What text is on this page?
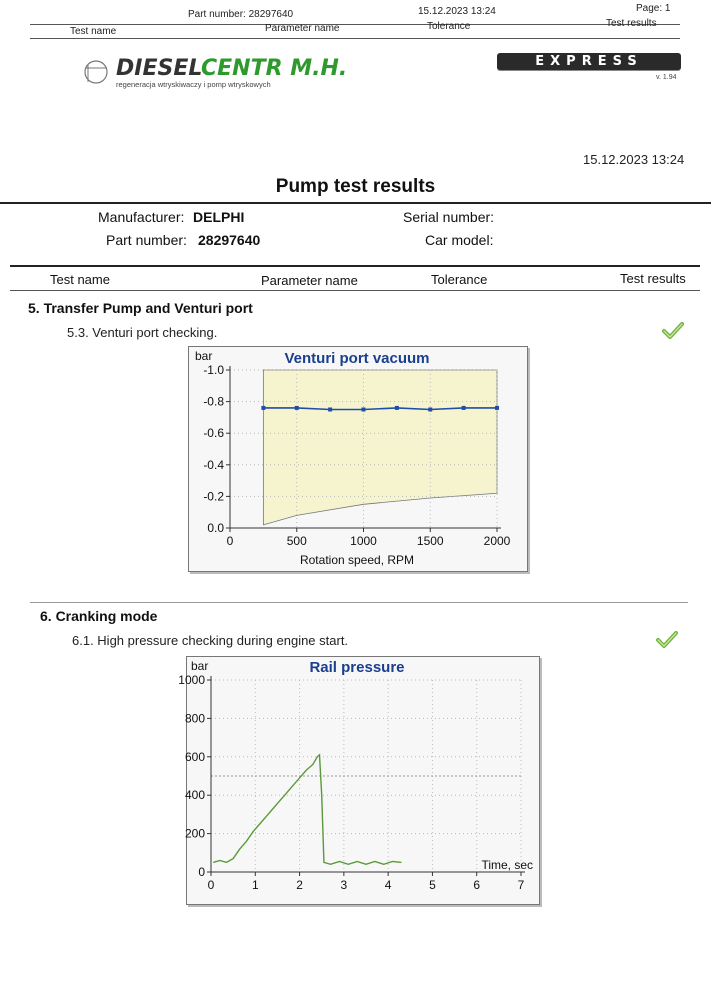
Part number: 28297640	15.12.2023 13:24	Page: 1
Test name	Parameter name	Tolerance	Test results
DIESEL
CENTR M.H.
regeneracja wtryskiwaczy i pomp wtryskowych
EXPRESS
v. 1.94
15.12.2023 13:24
Pump test results
Manufacturer: DELPHI
Part number: 28297640
Serial number:
Car model:
Test name	Parameter name	Tolerance	Test results
5. Transfer Pump and Venturi port
5.3. Venturi port checking.
0	500	1000	1500	2000
-1.0
-0.8
-0.6
-0.4
-0.2
0.0
Venturi port vacuum
bar
Rotation speed, RPM
6. Cranking mode
6.1. High pressure checking during engine start.
0	1	2	3	4	5	6	7
1000
800
600
400
200
0
Rail pressure
bar
Time, sec
